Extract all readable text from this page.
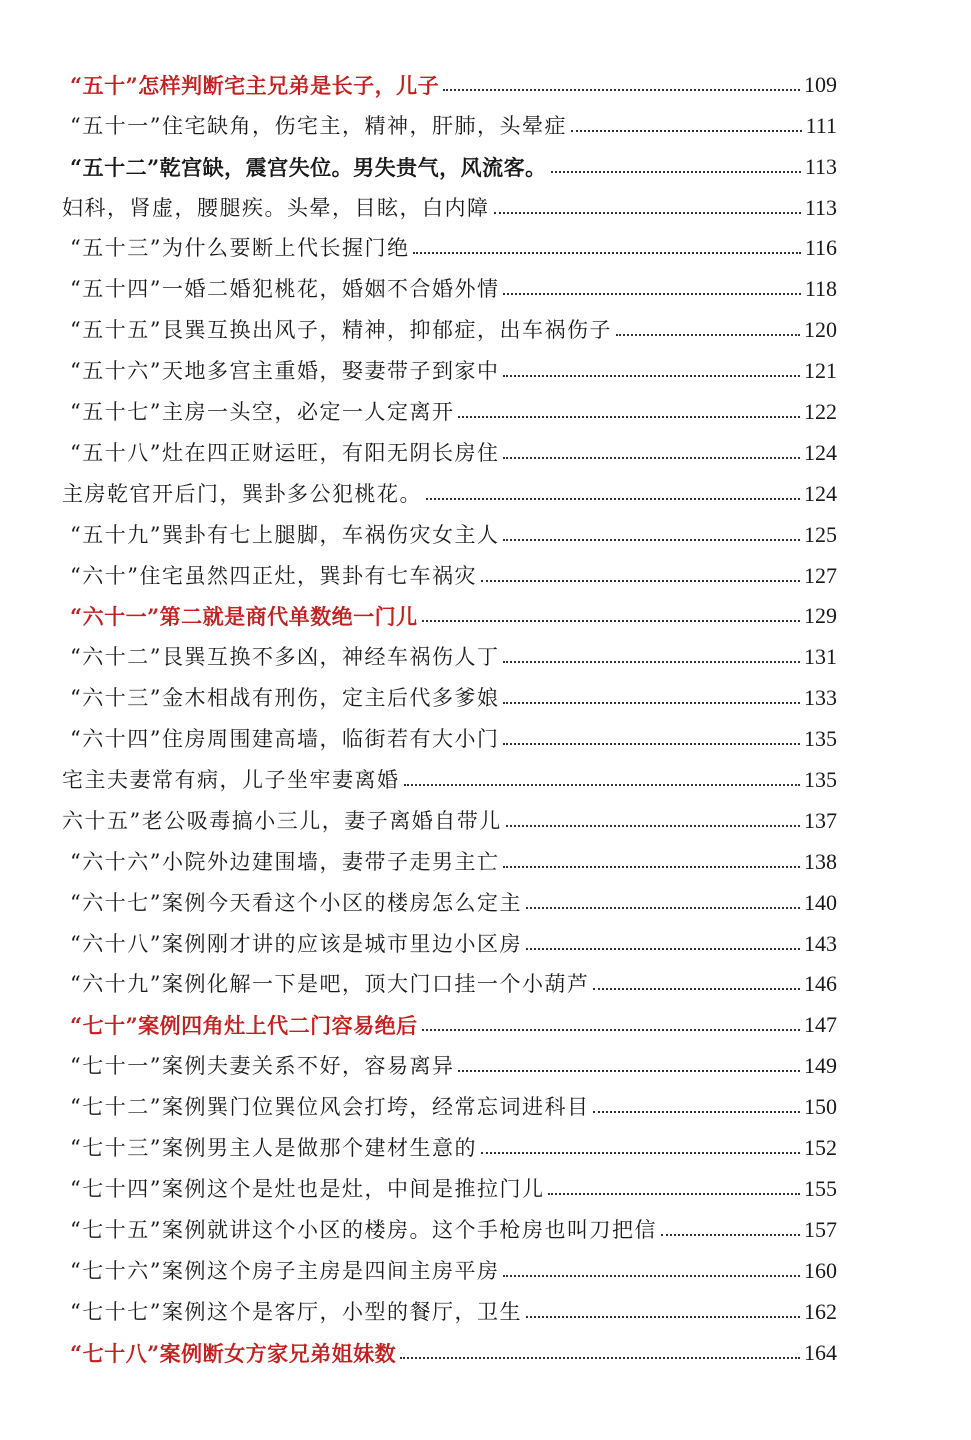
“五十”怎样判断宅主兄弟是长子，儿子	109
“五十一”住宅缺角，伤宅主，精神，肝肺，头晕症	111
“五十二”乾宫缺，震宫失位。男失贵气，风流客。	113
妇科，肾虚，腰腿疾。头晕，目眩，白内障	113
“五十三”为什么要断上代长握门绝	116
“五十四”一婚二婚犯桃花，婚姻不合婚外情	118
“五十五”艮巽互换出风子，精神，抑郁症，出车祸伤子	120
“五十六”天地多宫主重婚，娶妻带子到家中	121
“五十七”主房一头空，必定一人定离开	122
“五十八”灶在四正财运旺，有阳无阴长房住	124
主房乾官开后门，巽卦多公犯桃花。	124
“五十九”巽卦有七上腿脚，车祸伤灾女主人	125
“六十”住宅虽然四正灶，巽卦有七车祸灾	127
“六十一”第二就是商代单数绝一门儿	129
“六十二”艮巽互换不多凶，神经车祸伤人丁	131
“六十三”金木相战有刑伤，定主后代多爹娘	133
“六十四”住房周围建高墙，临街若有大小门	135
宅主夫妻常有病，儿子坐牢妻离婚	135
六十五”老公吸毒搞小三儿，妻子离婚自带儿	137
“六十六”小院外边建围墙，妻带子走男主亡	138
“六十七”案例今天看这个小区的楼房怎么定主	140
“六十八”案例刚才讲的应该是城市里边小区房	143
“六十九”案例化解一下是吧，顶大门口挂一个小葫芦	146
“七十”案例四角灶上代二门容易绝后	147
“七十一”案例夫妻关系不好，容易离异	149
“七十二”案例巽门位巽位风会打垮，经常忘词进科目	150
“七十三”案例男主人是做那个建材生意的	152
“七十四”案例这个是灶也是灶，中间是推拉门儿	155
“七十五”案例就讲这个小区的楼房。这个手枪房也叫刀把信	157
“七十六”案例这个房子主房是四间主房平房	160
“七十七”案例这个是客厅，小型的餐厅，卫生	162
“七十八”案例断女方家兄弟姐妹数	164
